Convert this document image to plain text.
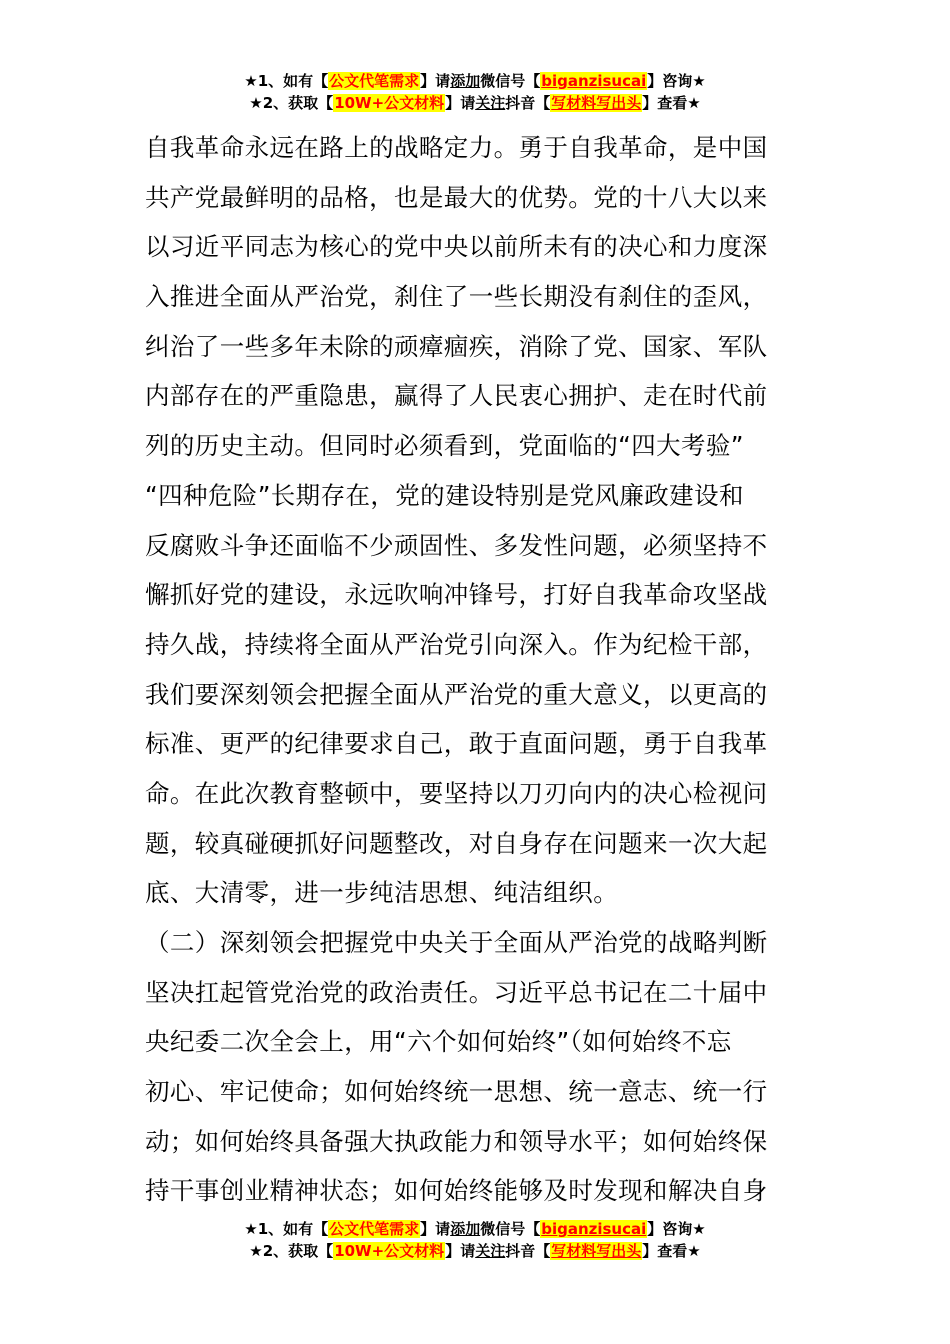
★1、如有【公文代笔需求】请添加微信号【biganzisucai】咨询★
★2、获取【10W+公文材料】请关注抖音【写材料写出头】查看★
自我革命永远在路上的战略定力。勇于自我革命，是中国
共产党最鲜明的品格，也是最大的优势。党的十八大以来
以习近平同志为核心的党中央以前所未有的决心和力度深
入推进全面从严治党，刹住了一些长期没有刹住的歪风，
纠治了一些多年未除的顽瘴痼疾，消除了党、国家、军队
内部存在的严重隐患，赢得了人民衷心拥护、走在时代前
列的历史主动。但同时必须看到，党面临的“四大考验”
“四种危险”长期存在，党的建设特别是党风廉政建设和
反腐败斗争还面临不少顽固性、多发性问题，必须坚持不
懈抓好党的建设，永远吹响冲锋号，打好自我革命攻坚战
持久战，持续将全面从严治党引向深入。作为纪检干部，
我们要深刻领会把握全面从严治党的重大意义，以更高的
标准、更严的纪律要求自己，敢于直面问题，勇于自我革
命。在此次教育整顿中，要坚持以刀刃向内的决心检视问
题，较真碰硬抓好问题整改，对自身存在问题来一次大起
底、大清零，进一步纯洁思想、纯洁组织。
（二）深刻领会把握党中央关于全面从严治党的战略判断
坚决扛起管党治党的政治责任。习近平总书记在二十届中
央纪委二次全会上，用“六个如何始终”（如何始终不忘
初心、牢记使命；如何始终统一思想、统一意志、统一行
动；如何始终具备强大执政能力和领导水平；如何始终保
持干事创业精神状态；如何始终能够及时发现和解决自身
★1、如有【公文代笔需求】请添加微信号【biganzisucai】咨询★
★2、获取【10W+公文材料】请关注抖音【写材料写出头】查看★
